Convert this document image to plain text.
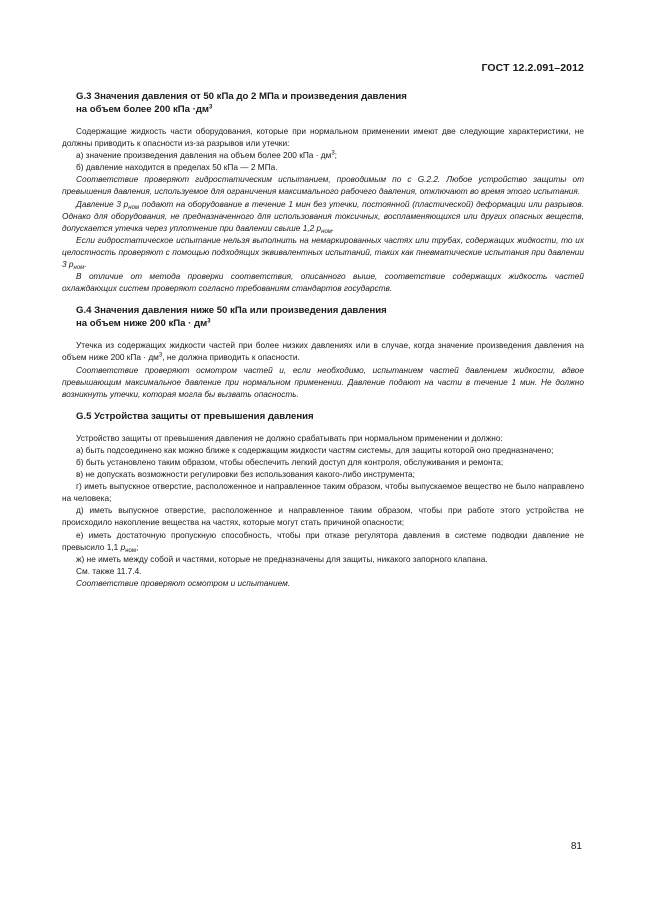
ГОСТ 12.2.091–2012
G.3 Значения давления от 50 кПа до 2 МПа и произведения давления
на объем более 200 кПа $\cdot дм^3$

Содержащие жидкость части оборудования, которые при нормальном применении имеют две следующие характеристики, не должны приводить к опасности из-за разрывов или утечки:

а) значение произведения давления на объем более 200 кПа · $дм^3$;

б) давление находится в пределах 50 кПа — 2 МПа.

Соответствие проверяют гидростатическим испытанием, проводимым по с G.2.2. Любое устройство защиты от превышения давления, используемое для ограничения максимального рабочего давления, отключают во время этого испытания.

Давление 3 $p_{ном}$ подают на оборудование в течение 1 мин без утечки, постоянной (пластической) деформации или разрывов. Однако для оборудования, не предназначенного для использования токсичных, воспламеняющихся или других опасных веществ, допускается утечка через уплотнение при давлении свыше 1,2 $p_{ном}$.

Если гидростатическое испытание нельзя выполнить на немаркированных частях или трубах, содержащих жидкости, то их целостность проверяют с помощью подходящих эквивалентных испытаний, таких как пневматические испытания при давлении 3 $p_{ном}$.

В отличие от метода проверки соответствия, описанного выше, соответствие содержащих жидкость частей охлаждающих систем проверяют согласно требованиям стандартов государств.

G.4 Значения давления ниже 50 кПа или произведения давления
на объем ниже 200 кПа · $дм^3$

Утечка из содержащих жидкости частей при более низких давлениях или в случае, когда значение произведения давления на объем ниже 200 кПа · $дм^3$, не должна приводить к опасности.

Соответствие проверяют осмотром частей и, если необходимо, испытанием частей давлением жидкости, вдвое превышающим максимальное давление при нормальном применении. Давление подают на части в течение 1 мин. Не должно возникнуть утечки, которая могла бы вызвать опасность.

G.5 Устройства защиты от превышения давления

Устройство защиты от превышения давления не должно срабатывать при нормальном применении и должно:

а) быть подсоединено как можно ближе к содержащим жидкости частям системы, для защиты которой оно предназначено;

б) быть установлено таким образом, чтобы обеспечить легкий доступ для контроля, обслуживания и ремонта;

в) не допускать возможности регулировки без использования какого-либо инструмента;

г) иметь выпускное отверстие, расположенное и направленное таким образом, чтобы выпускаемое вещество не было направлено на человека;

д) иметь выпускное отверстие, расположенное и направленное таким образом, чтобы при работе этого устройства не происходило накопление вещества на частях, которые могут стать причиной опасности;

е) иметь достаточную пропускную способность, чтобы при отказе регулятора давления в системе подводки давление не превысило 1,1 $p_{ном}$;

ж) не иметь между собой и частями, которые не предназначены для защиты, никакого запорного клапана.

См. также 11.7.4.

Соответствие проверяют осмотром и испытанием.

81
